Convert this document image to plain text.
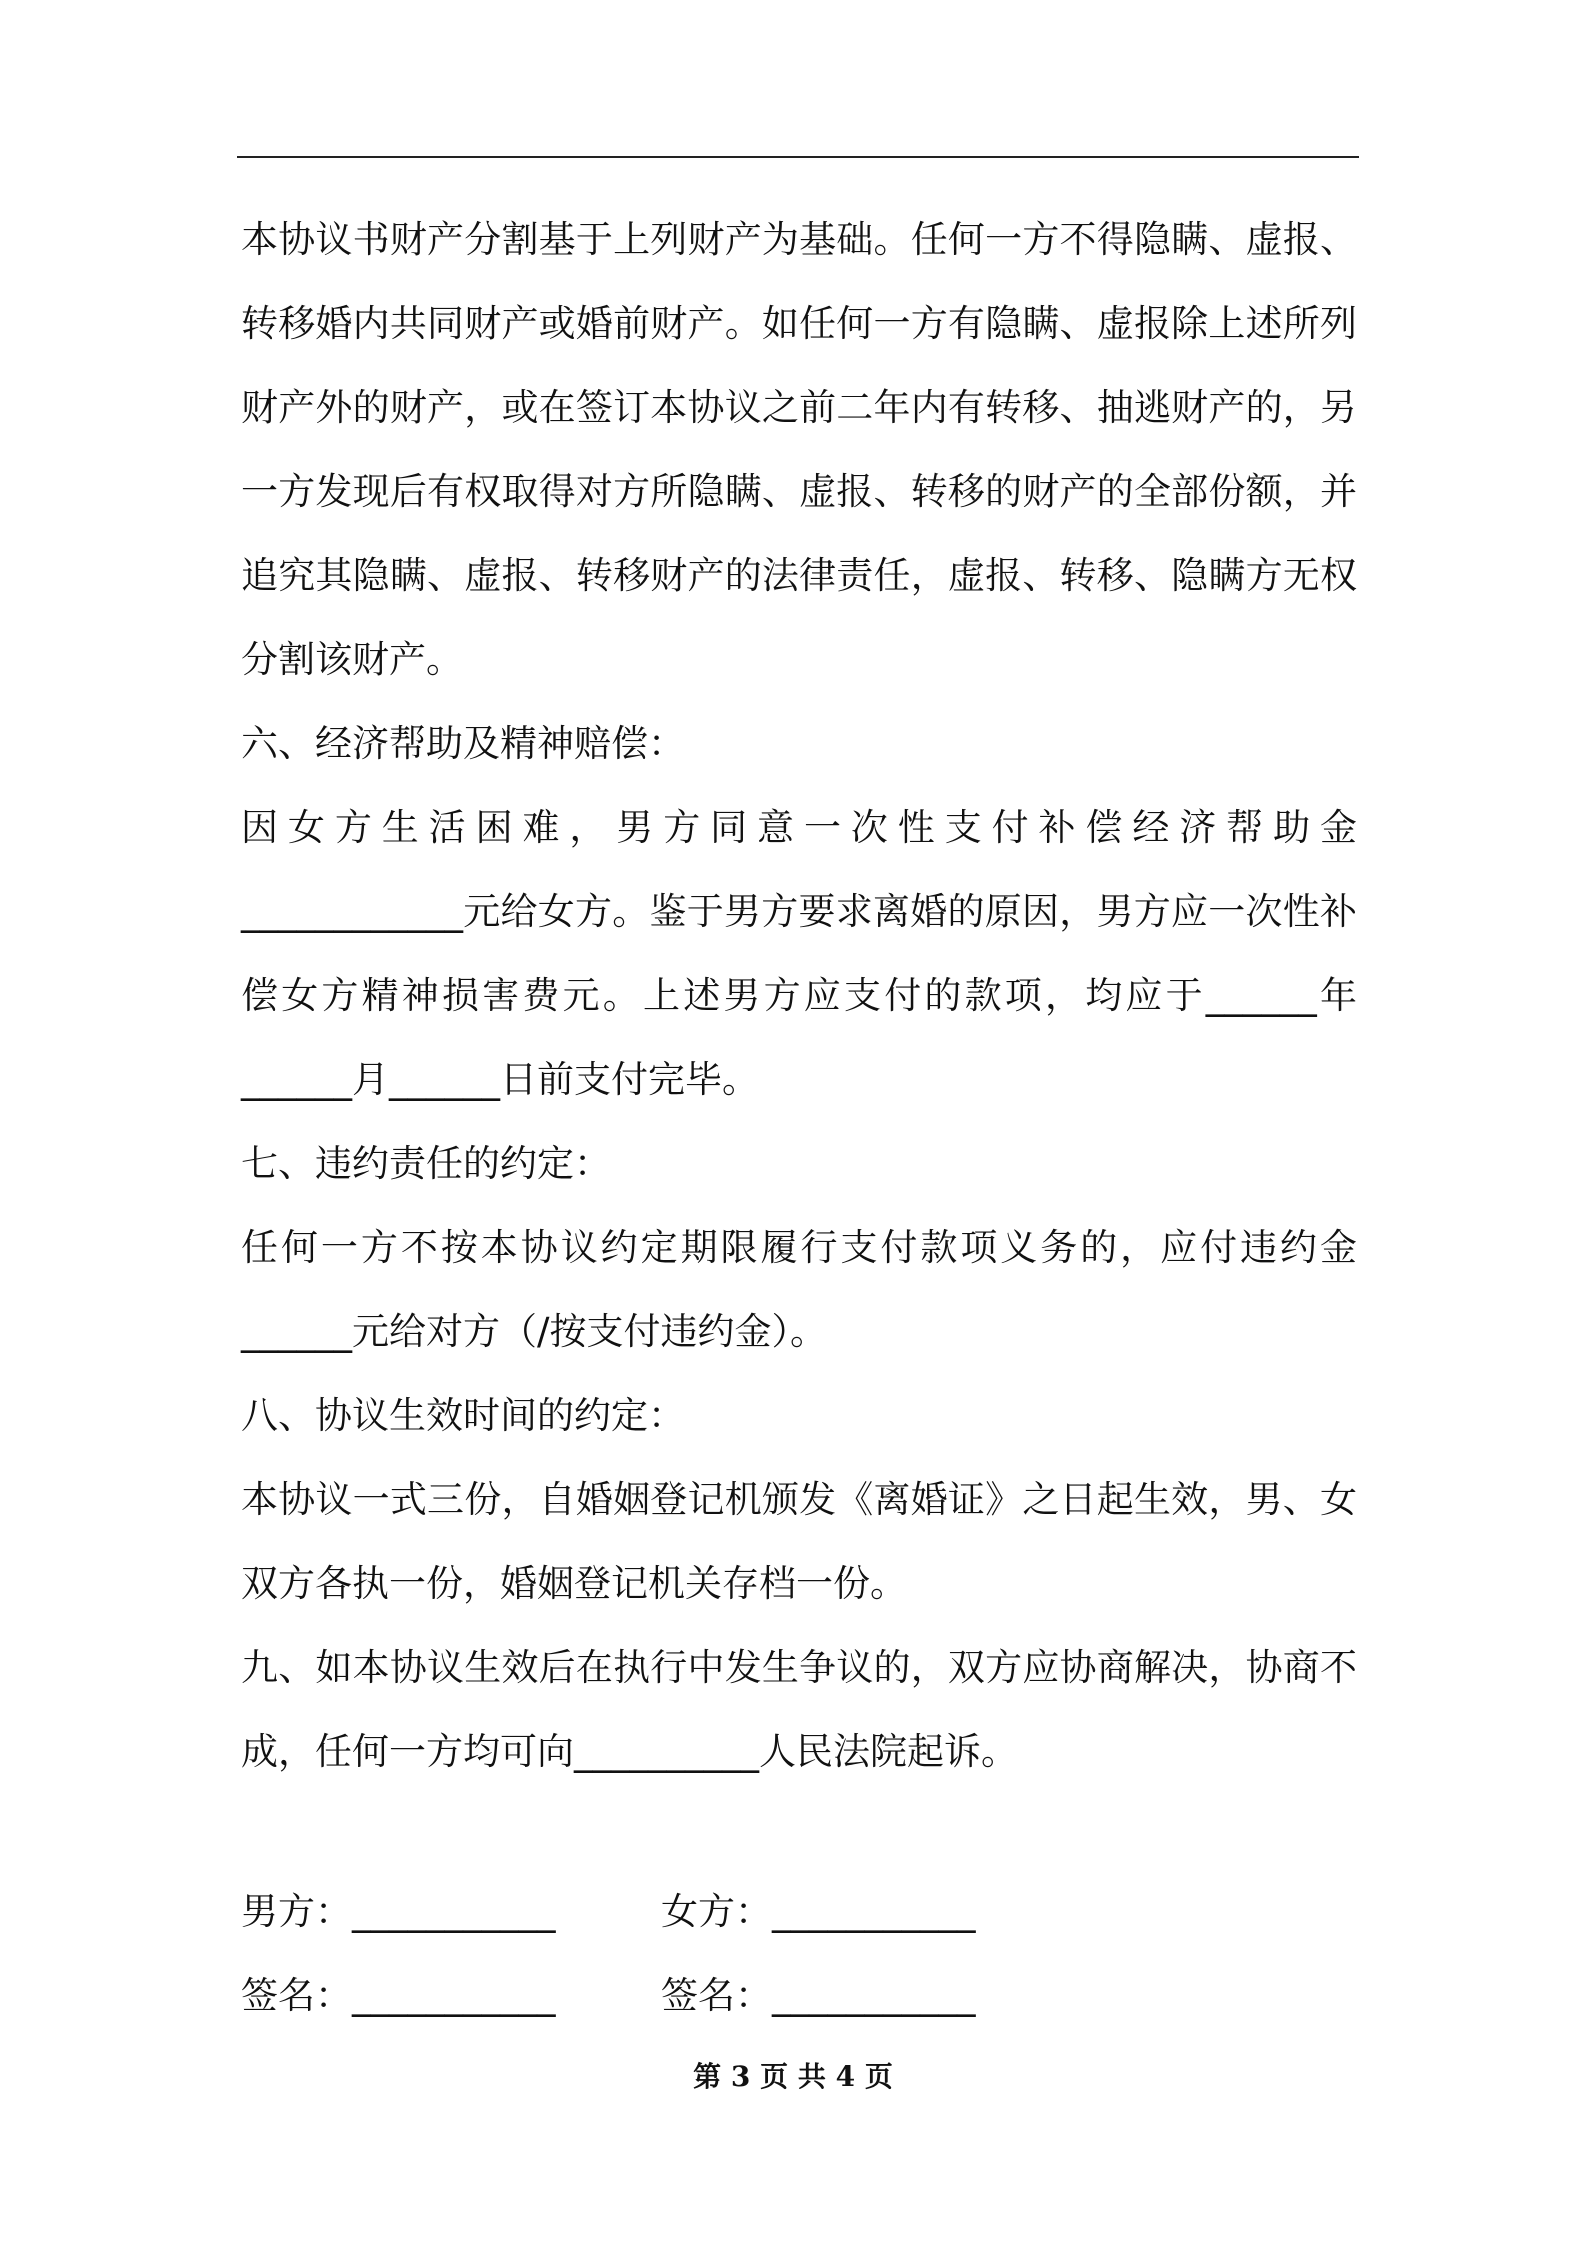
本协议书财产分割基于上列财产为基础。任何一方不得隐瞒、虚报、转移婚内共同财产或婚前财产。如任何一方有隐瞒、虚报除上述所列财产外的财产，或在签订本协议之前二年内有转移、抽逃财产的，另一方发现后有权取得对方所隐瞒、虚报、转移的财产的全部份额，并追究其隐瞒、虚报、转移财产的法律责任，虚报、转移、隐瞒方无权分割该财产。

六、经济帮助及精神赔偿：

因女方生活困难，男方同意一次性支付补偿经济帮助金

____________元给女方。鉴于男方要求离婚的原因，男方应一次性补偿女方精神损害费元。上述男方应支付的款项，均应于______年______月______日前支付完毕。

七、违约责任的约定：

任何一方不按本协议约定期限履行支付款项义务的，应付违约金______元给对方（/按支付违约金）。

八、协议生效时间的约定：

本协议一式三份，自婚姻登记机颁发《离婚证》之日起生效，男、女双方各执一份，婚姻登记机关存档一份。

九、如本协议生效后在执行中发生争议的，双方应协商解决，协商不成，任何一方均可向__________人民法院起诉。

男方：___________	女方：___________
签名：___________	签名：___________
第 3 页 共 4 页
